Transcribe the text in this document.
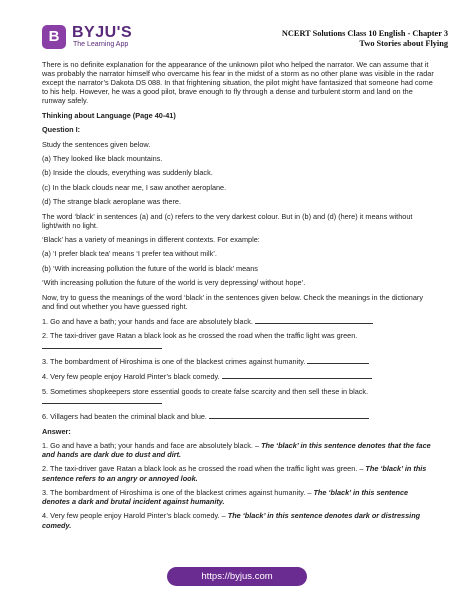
B BYJU'S
The Learning App
NCERT Solutions Class 10 English - Chapter 3
Two Stories about Flying

There is no definite explanation for the appearance of the unknown pilot who helped the narrator. We can assume that it was probably the narrator himself who overcame his fear in the midst of a storm as no other plane was visible in the radar except the narrator’s Dakota DS 088. In that frightening situation, the pilot might have fantasized that someone had come to his help. However, he was a good pilot, brave enough to fly through a dense and turbulent storm and land on the runway safely.

Thinking about Language (Page 40-41)

Question I:

Study the sentences given below.

(a) They looked like black mountains.

(b) Inside the clouds, everything was suddenly black.

(c) In the black clouds near me, I saw another aeroplane.

(d) The strange black aeroplane was there.

The word ‘black’ in sentences (a) and (c) refers to the very darkest colour. But in (b) and (d) (here) it means without light/with no light.

‘Black’ has a variety of meanings in different contexts. For example:

(a) ‘I prefer black tea’ means ‘I prefer tea without milk’.

(b) ‘With increasing pollution the future of the world is black’ means

‘With increasing pollution the future of the world is very depressing/ without hope’.

Now, try to guess the meanings of the word ‘black’ in the sentences given below. Check the meanings in the dictionary and find out whether you have guessed right.

1. Go and have a bath; your hands and face are absolutely black.

2. The taxi-driver gave Ratan a black look as he crossed the road when the traffic light was green.

3. The bombardment of Hiroshima is one of the blackest crimes against humanity.

4. Very few people enjoy Harold Pinter’s black comedy.

5. Sometimes shopkeepers store essential goods to create false scarcity and then sell these in black.

6. Villagers had beaten the criminal black and blue.

Answer:

1. Go and have a bath; your hands and face are absolutely black. – The ‘black’ in this sentence denotes that the face and hands are dark due to dust and dirt.

2. The taxi-driver gave Ratan a black look as he crossed the road when the traffic light was green. – The ‘black’ in this sentence refers to an angry or annoyed look.

3. The bombardment of Hiroshima is one of the blackest crimes against humanity. – The ‘black’ in this sentence denotes a dark and brutal incident against humanity.

4. Very few people enjoy Harold Pinter’s black comedy. – The ‘black’ in this sentence denotes dark or distressing comedy.

https://byjus.com
